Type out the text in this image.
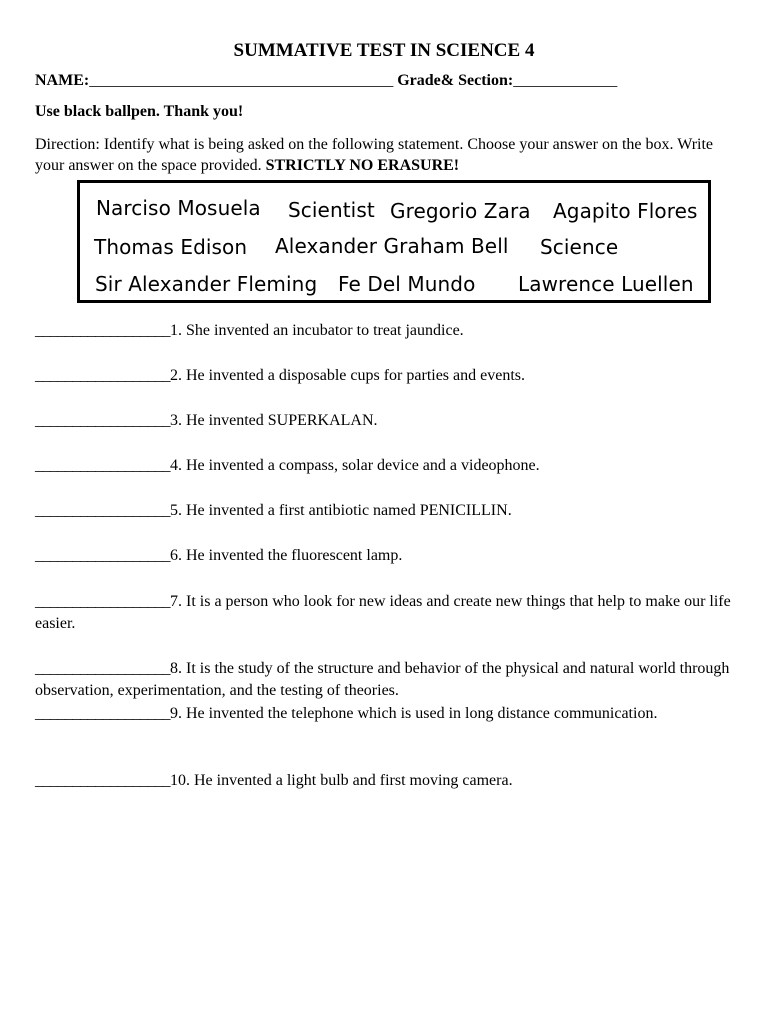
SUMMATIVE TEST IN SCIENCE 4
NAME:______________________________________ Grade& Section:_____________
Use black ballpen. Thank you!
Direction: Identify what is being asked on the following statement. Choose your answer on the box. Write your answer on the space provided. STRICTLY NO ERASURE!
Narciso Mosuela Scientist Gregorio Zara Agapito Flores
Thomas Edison Alexander Graham Bell Science
Sir Alexander Fleming Fe Del Mundo Lawrence Luellen
__________________1. She invented an incubator to treat jaundice.
__________________2. He invented a disposable cups for parties and events.
__________________3. He invented SUPERKALAN.
__________________4. He invented a compass, solar device and a videophone.
__________________5. He invented a first antibiotic named PENICILLIN.
__________________6. He invented the fluorescent lamp.
__________________7. It is a person who look for new ideas and create new things that help to make our life easier.
__________________8. It is the study of the structure and behavior of the physical and natural world through observation, experimentation, and the testing of theories.
__________________9. He invented the telephone which is used in long distance communication.
__________________10. He invented a light bulb and first moving camera.
